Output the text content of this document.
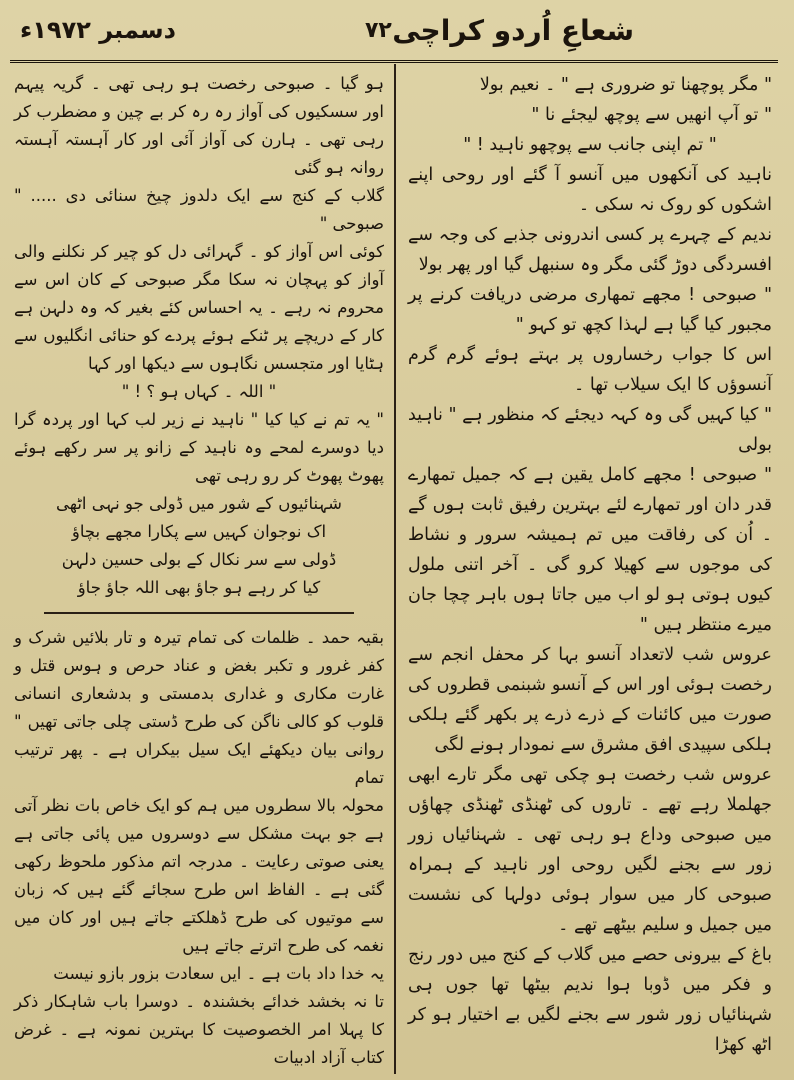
شعاعِ اُردو کراچی
۷۲
دسمبر ۱۹۷۲ء

" مگر پوچھنا تو ضروری ہے " ۔ نعیم بولا

" تو آپ انھیں سے پوچھ لیجئے نا "

" تم اپنی جانب سے پوچھو ناہید ! "

ناہید کی آنکھوں میں آنسو آ گئے اور روحی اپنے اشکوں کو روک نہ سکی ۔

ندیم کے چہرے پر کسی اندرونی جذبے کی وجہ سے افسردگی دوڑ گئی مگر وہ سنبھل گیا اور پھر بولا

" صبوحی ! مجھے تمھاری مرضی دریافت کرنے پر مجبور کیا گیا ہے لہذا کچھ تو کہو "

اس کا جواب رخساروں پر بہتے ہوئے گرم گرم آنسوؤں کا ایک سیلاب تھا ۔

" کیا کہیں گی وہ کہہ دیجئے کہ منظور ہے " ناہید بولی

" صبوحی ! مجھے کامل یقین ہے کہ جمیل تمھارے قدر دان اور تمھارے لئے بہترین رفیق ثابت ہوں گے ۔ اُن کی رفاقت میں تم ہمیشہ سرور و نشاط کی موجوں سے کھیلا کرو گی ۔ آخر اتنی ملول کیوں ہوتی ہو لو اب میں جاتا ہوں باہر چچا جان میرے منتظر ہیں "

عروس شب لاتعداد آنسو بہا کر محفل انجم سے رخصت ہوئی اور اس کے آنسو شبنمی قطروں کی صورت میں کائنات کے ذرے ذرے پر بکھر گئے ہلکی ہلکی سپیدی افق مشرق سے نمودار ہونے لگی

عروس شب رخصت ہو چکی تھی مگر تارے ابھی جھلملا رہے تھے ۔ تاروں کی ٹھنڈی ٹھنڈی چھاؤں میں صبوحی وداع ہو رہی تھی ۔ شہنائیاں زور زور سے بجنے لگیں روحی اور ناہید کے ہمراہ صبوحی کار میں سوار ہوئی دولہا کی نشست میں جمیل و سلیم بیٹھے تھے ۔

باغ کے بیرونی حصے میں گلاب کے کنج میں دور رنج و فکر میں ڈوبا ہوا ندیم بیٹھا تھا جوں ہی شہنائیاں زور شور سے بجنے لگیں بے اختیار ہو کر اٹھ کھڑا

ہو گیا ۔ صبوحی رخصت ہو رہی تھی ۔ گریہ پیہم اور سسکیوں کی آواز رہ رہ کر بے چین و مضطرب کر رہی تھی ۔ ہارن کی آواز آئی اور کار آہستہ آہستہ روانہ ہو گئی

گلاب کے کنج سے ایک دلدوز چیخ سنائی دی ..... " صبوحی "

کوئی اس آواز کو ۔ گہرائی دل کو چیر کر نکلنے والی آواز کو پہچان نہ سکا مگر صبوحی کے کان اس سے محروم نہ رہے ۔ یہ احساس کئے بغیر کہ وہ دلہن ہے کار کے دریچے پر ٹنکے ہوئے پردے کو حنائی انگلیوں سے ہٹایا اور متجسس نگاہوں سے دیکھا اور کہا

" اللہ ۔ کہاں ہو ؟ ! "

" یہ تم نے کیا کیا " ناہید نے زیر لب کہا اور پردہ گرا دیا دوسرے لمحے وہ ناہید کے زانو پر سر رکھے ہوئے پھوٹ پھوٹ کر رو رہی تھی

شہنائیوں کے شور میں ڈولی جو نہی اٹھی

اک نوجوان کہیں سے پکارا مجھے بچاؤ

ڈولی سے سر نکال کے بولی حسین دلہن

کیا کر رہے ہو جاؤ بھی اللہ جاؤ جاؤ

بقیہ حمد ۔ ظلمات کی تمام تیرہ و تار بلائیں شرک و کفر غرور و تکبر بغض و عناد حرص و ہوس قتل و غارت مکاری و غداری بدمستی و بدشعاری انسانی قلوب کو کالی ناگن کی طرح ڈستی چلی جاتی تھیں " روانی بیان دیکھئے ایک سیل بیکراں ہے ۔ پھر ترتیب تمام

محولہ بالا سطروں میں ہم کو ایک خاص بات نظر آتی ہے جو بہت مشکل سے دوسروں میں پائی جاتی ہے یعنی صوتی رعایت ۔ مدرجہ اتم مذکور ملحوظ رکھی گئی ہے ۔ الفاظ اس طرح سجائے گئے ہیں کہ زبان سے موتیوں کی طرح ڈھلکتے جاتے ہیں اور کان میں نغمہ کی طرح اترتے جاتے ہیں

یہ خدا داد بات ہے ۔ ایں سعادت بزور بازو نیست

تا نہ بخشد خدائے بخشندہ ۔ دوسرا باب شاہکار ذکر کا پہلا امر الخصوصیت کا بہترین نمونہ ہے ۔ غرض کتاب آزاد ادبیات
